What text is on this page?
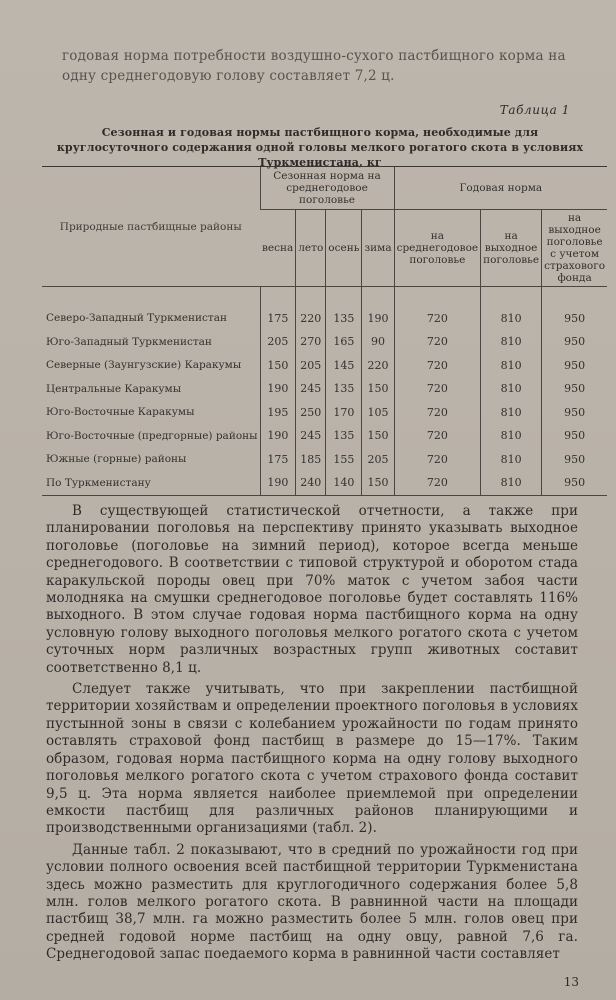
годовая норма потребности воздушно-сухого пастбищного корма на одну среднегодовую голову составляет 7,2 ц.
Таблица 1
Сезонная и годовая нормы пастбищного корма, необходимые для круглосуточного содержания одной головы мелкого рогатого скота в условиях Туркменистана, кг
Природные пастбищные районы	Сезонная норма на среднегодовое поголовье				Годовая норма		
	весна	лето	осень	зима	на среднегодовое поголовье	на выходное поголовье	на выходное поголовье с учетом страхового фонда
Северо-Западный Туркменистан	175	220	135	190	720	810	950
Юго-Западный Туркменистан	205	270	165	90	720	810	950
Северные (Заунгузские) Каракумы	150	205	145	220	720	810	950
Центральные Каракумы	190	245	135	150	720	810	950
Юго-Восточные Каракумы	195	250	170	105	720	810	950
Юго-Восточные (предгорные) районы	190	245	135	150	720	810	950
Южные (горные) районы	175	185	155	205	720	810	950
По Туркменистану	190	240	140	150	720	810	950

В существующей статистической отчетности, а также при планировании поголовья на перспективу принято указывать выходное поголовье (поголовье на зимний период), которое всегда меньше среднегодового. В соответствии с типовой структурой и оборотом стада каракульской породы овец при 70% маток с учетом забоя части молодняка на смушки среднегодовое поголовье будет составлять 116% выходного. В этом случае годовая норма пастбищного корма на одну условную голову выходного поголовья мелкого рогатого скота с учетом суточных норм различных возрастных групп животных составит соответственно 8,1 ц.

Следует также учитывать, что при закреплении пастбищной территории хозяйствам и определении проектного поголовья в условиях пустынной зоны в связи с колебанием урожайности по годам принято оставлять страховой фонд пастбищ в размере до 15—17%. Таким образом, годовая норма пастбищного корма на одну голову выходного поголовья мелкого рогатого скота с учетом страхового фонда составит 9,5 ц. Эта норма является наиболее приемлемой при определении емкости пастбищ для различных районов планирующими и производственными организациями (табл. 2).

Данные табл. 2 показывают, что в средний по урожайности год при условии полного освоения всей пастбищной территории Туркменистана здесь можно разместить для круглогодичного содержания более 5,8 млн. голов мелкого рогатого скота. В равнинной части на площади пастбищ 38,7 млн. га можно разместить более 5 млн. голов овец при средней годовой норме пастбищ на одну овцу, равной 7,6 га. Среднегодовой запас поедаемого корма в равнинной части составляет

13
